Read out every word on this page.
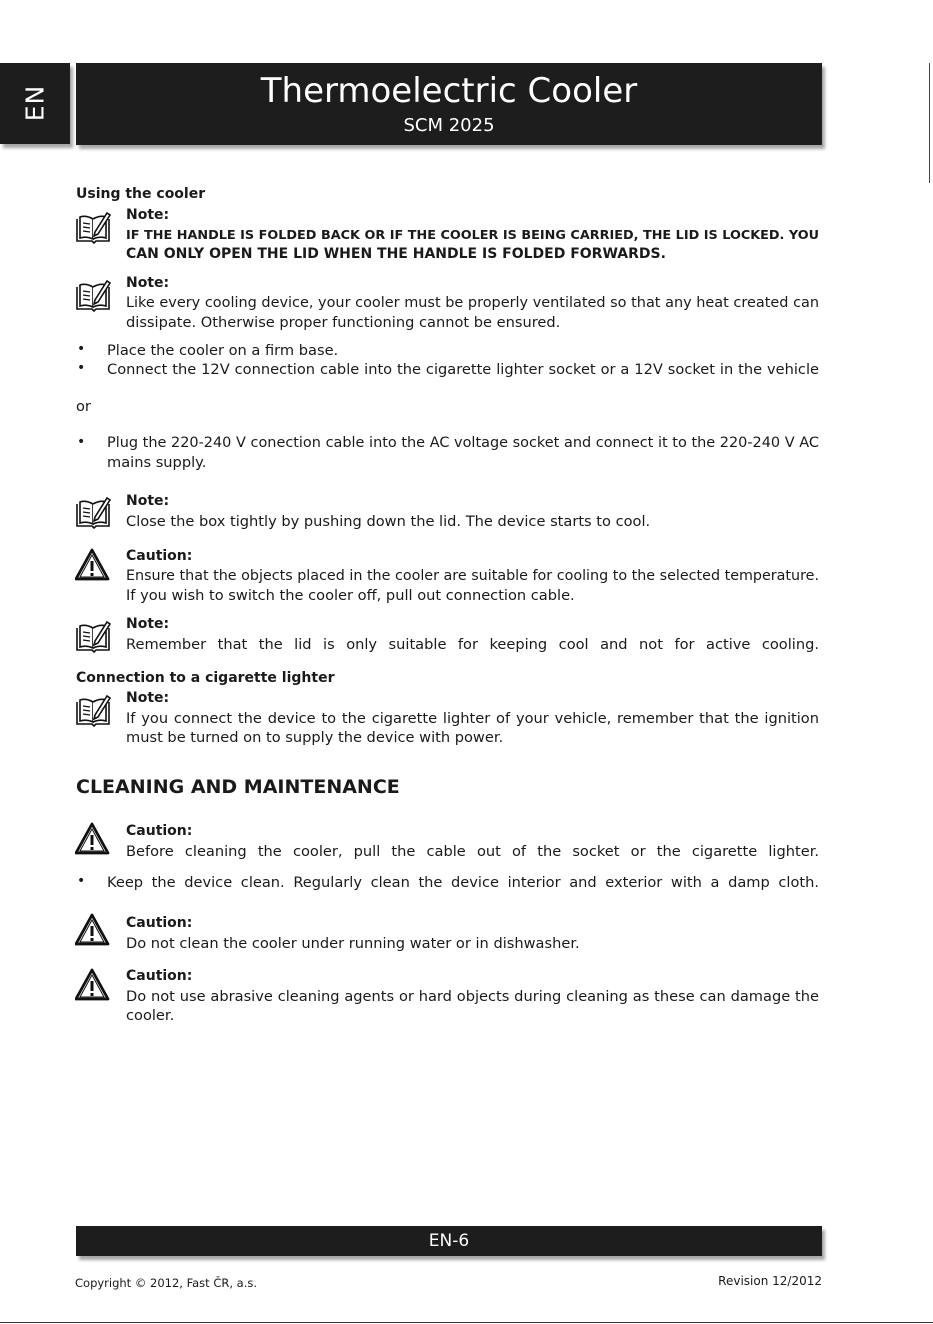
EN	Thermoelectric Cooler
SCM 2025
Using the cooler
Note:
IF THE HANDLE IS FOLDED BACK OR IF THE COOLER IS BEING CARRIED, THE LID IS LOCKED. YOU
CAN ONLY OPEN THE LID WHEN THE HANDLE IS FOLDED FORWARDS.
Note:
Like every cooling device, your cooler must be properly ventilated so that any heat created can
dissipate. Otherwise proper functioning cannot be ensured.
• Place the cooler on a firm base.
• Connect the 12V connection cable into the cigarette lighter socket or a 12V socket in the vehicle
or
• Plug the 220-240 V conection cable into the AC voltage socket and connect it to the 220-240 V AC
mains supply.
Note:
Close the box tightly by pushing down the lid. The device starts to cool.
Caution:
Ensure that the objects placed in the cooler are suitable for cooling to the selected temperature.
If you wish to switch the cooler off, pull out connection cable.
Note:
Remember that the lid is only suitable for keeping cool and not for active cooling.
Connection to a cigarette lighter
Note:
If you connect the device to the cigarette lighter of your vehicle, remember that the ignition
must be turned on to supply the device with power.
CLEANING AND MAINTENANCE
Caution:
Before cleaning the cooler, pull the cable out of the socket or the cigarette lighter.
• Keep the device clean. Regularly clean the device interior and exterior with a damp cloth.
Caution:
Do not clean the cooler under running water or in dishwasher.
Caution:
Do not use abrasive cleaning agents or hard objects during cleaning as these can damage the
cooler.
EN-6
Copyright © 2012, Fast ČR, a.s.	Revision 12/2012
